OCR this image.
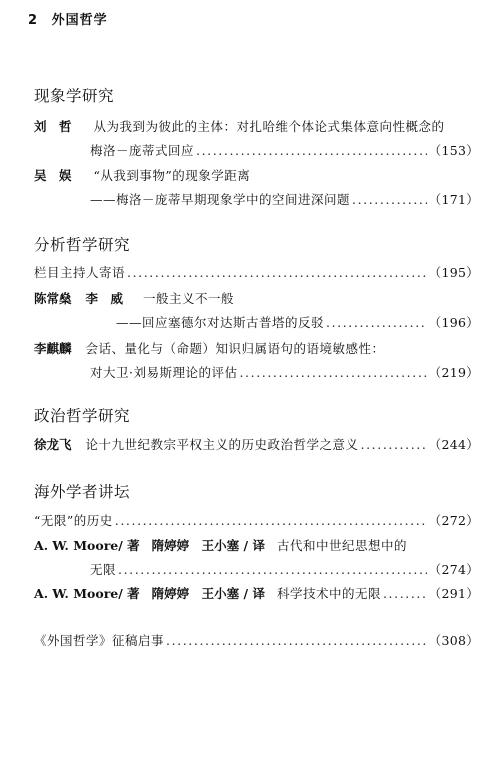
2 外国哲学
现象学研究
刘　哲 从为我到为彼此的主体：对扎哈维个体论式集体意向性概念的
梅洛－庞蒂式回应 .....	（153）
吴　娱 “从我到事物”的现象学距离
——梅洛－庞蒂早期现象学中的空间进深问题 .....	（171）
分析哲学研究
栏目主持人寄语 .....	（195）
陈常燊 李　威 一般主义不一般
——回应塞德尔对达斯古普塔的反驳 .....	（196）
李麒麟 会话、量化与（命题）知识归属语句的语境敏感性：
对大卫·刘易斯理论的评估 .....	（219）
政治哲学研究
徐龙飞 论十九世纪教宗平权主义的历史政治哲学之意义 .....	（244）
海外学者讲坛
“无限”的历史 .....	（272）
A. W. Moore/ 著 隋婷婷　王小塞 / 译 古代和中世纪思想中的
无限 .....	（274）
A. W. Moore/ 著 隋婷婷　王小塞 / 译 科学技术中的无限 .....	（291）
《外国哲学》征稿启事 .....	（308）
